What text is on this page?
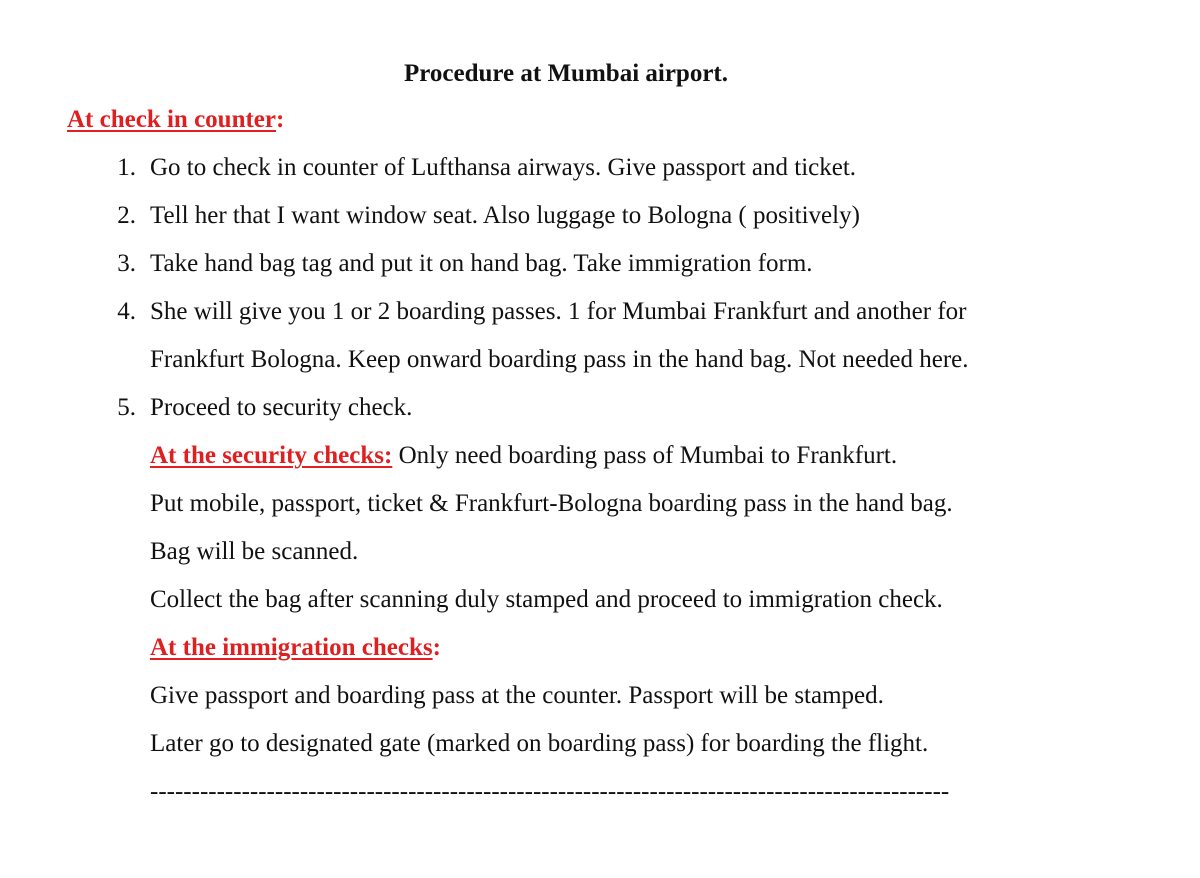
Procedure at Mumbai airport.
At check in counter:
1. Go to check in counter of Lufthansa airways. Give passport and ticket.
2. Tell her that I want window seat. Also luggage to Bologna ( positively)
3. Take hand bag tag and put it on hand bag. Take immigration form.
4. She will give you 1 or 2 boarding passes. 1 for Mumbai Frankfurt and another for
Frankfurt Bologna. Keep onward boarding pass in the hand bag. Not needed here.
5. Proceed to security check.
At the security checks: Only need boarding pass of Mumbai to Frankfurt.
Put mobile, passport, ticket & Frankfurt-Bologna boarding pass in the hand bag.
Bag will be scanned.
Collect the bag after scanning duly stamped and proceed to immigration check.
At the immigration checks:
Give passport and boarding pass at the counter. Passport will be stamped.
Later go to designated gate (marked on boarding pass) for boarding the flight.
------------------------------------------------------------------------------------------------
